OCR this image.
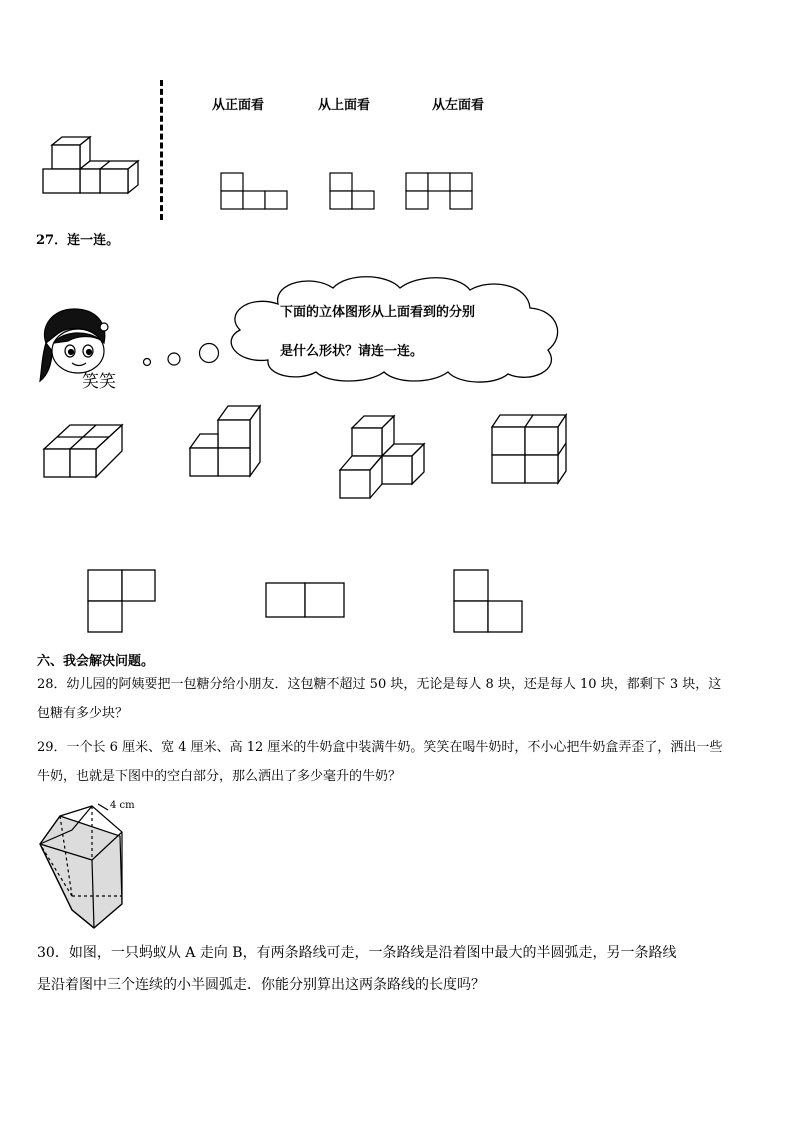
从正面看	从上面看	从左面看
27．连一连。
笑笑
下面的立体图形从上面看到的分别
是什么形状？请连一连。
六、我会解决问题。
28．幼儿园的阿姨要把一包糖分给小朋友．这包糖不超过 50 块，无论是每人 8 块，还是每人 10 块，都剩下 3 块，这
包糖有多少块？
29．一个长 6 厘米、宽 4 厘米、高 12 厘米的牛奶盒中装满牛奶。笑笑在喝牛奶时，不小心把牛奶盒弄歪了，洒出一些
牛奶，也就是下图中的空白部分，那么洒出了多少毫升的牛奶？
4 cm
30．如图，一只蚂蚁从 A 走向 B，有两条路线可走，一条路线是沿着图中最大的半圆弧走，另一条路线
是沿着图中三个连续的小半圆弧走．你能分别算出这两条路线的长度吗？
